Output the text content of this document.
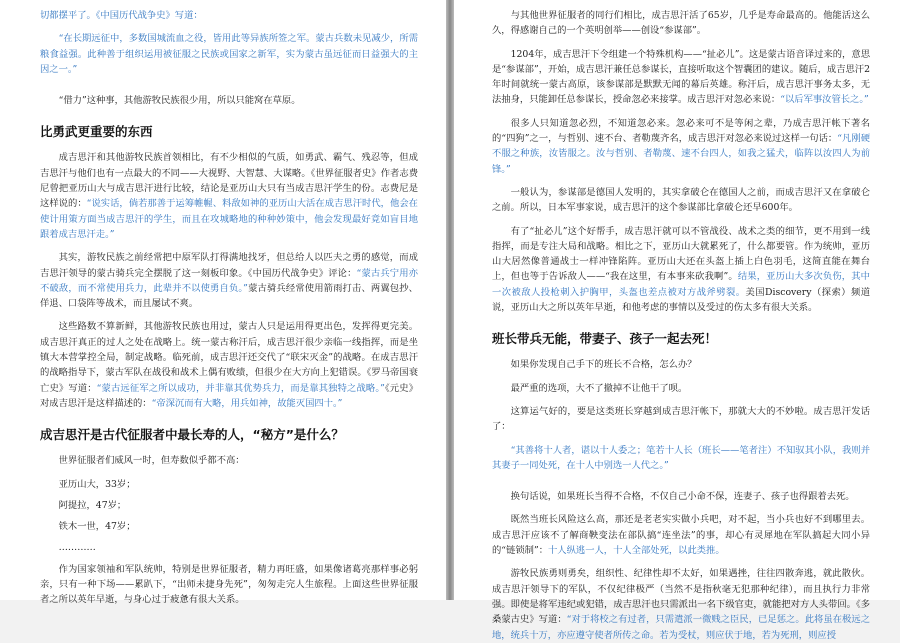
切都摆平了。《中国历代战争史》写道：

“在长期远征中，多数国城流血之役，皆用此等异族所签之军。蒙古兵数未见减少，所需粮食益强。此种善于组织运用被征服之民族或国家之新军，实为蒙古虽远征而日益强大的主因之一。”

“借力”这种事，其他游牧民族很少用，所以只能窝在草原。

比勇武更重要的东西

成吉思汗和其他游牧民族首领相比，有不少相似的气质，如勇武、霸气、残忍等，但成吉思汗与他们也有一点最大的不同——大视野、大智慧、大谋略。《世界征服者史》作者志费尼曾把亚历山大与成吉思汗进行比较，结论是亚历山大只有当成吉思汗学生的份。志费尼是这样说的：“说实话，倘若那善于运筹帷幄、料敌如神的亚历山大活在成吉思汗时代，他会在使计用策方面当成吉思汗的学生，而且在攻城略地的种种妙策中，他会发现最好竟如盲目地跟着成吉思汗走。”

其实，游牧民族之前经常把中原军队打得满地找牙，但总给人以匹夫之勇的感觉，而成吉思汗领导的蒙古骑兵完全摆脱了这一刻板印象。《中国历代战争史》评论：“蒙古兵宁用亦不破敌，而不常使用兵力，此辈并不以使勇自负。”蒙古骑兵经常使用箭雨打击、两翼包抄、佯退、口袋阵等战术，而且屡试不爽。

这些路数不算新鲜，其他游牧民族也用过，蒙古人只是运用得更出色，发挥得更完美。成吉思汗真正的过人之处在战略上。统一蒙古称汗后，成吉思汗很少亲临一线指挥，而是坐镇大本营掌控全局，制定战略。临死前，成吉思汗还交代了“联宋灭金”的战略。在成吉思汗的战略指导下，蒙古军队在战役和战术上偶有败绩，但很少在大方向上犯错误。《罗马帝国衰亡史》写道：“蒙古远征军之所以成功，并非靠其优势兵力，而是靠其独特之战略。”《元史》对成吉思汗是这样描述的：“帝深沉而有大略，用兵如神，故能灭国四十。”

成吉思汗是古代征服者中最长寿的人，“秘方”是什么？

世界征服者们威风一时，但寿数似乎都不高：

亚历山大，33岁；

阿提拉，47岁；

铁木一世，47岁；

…………

作为国家领袖和军队统帅，特别是世界征服者，精力再旺盛，如果像诸葛亮那样事必躬亲，只有一种下场——累趴下，“出师未捷身先死”，匆匆走完人生旅程。上面这些世界征服者之所以英年早逝，与身心过于疲惫有很大关系。

与其他世界征服者的同行们相比，成吉思汗活了65岁，几乎是寿命最高的。他能活这么久，得感谢自己的一个英明创举——创设“参谋部”。

1204年，成吉思汗下令组建一个特殊机构——“扯必儿”。这是蒙古语音译过来的，意思是“参谋部”，开始，成吉思汗兼任总参谋长，直接听取这个智囊团的建议。随后，成吉思汗2年时间就统一蒙古高原，该参谋部是默默无闻的幕后英雄。称汗后，成吉思汗事务太多，无法抽身，只能卸任总参谋长，授命忽必来接掌。成吉思汗对忽必来说：“以后军事汝管长之。”

很多人只知道忽必烈，不知道忽必来。忽必来可不是等闲之辈，乃成吉思汗帐下著名的“四狗”之一，与哲别、速不台、者勒蔑齐名，成吉思汗对忽必来说过这样一句话：“凡刚硬不服之种族，汝皆服之。汝与哲别、者勒蔑、速不台四人，如我之猛犬，临阵以汝四人为前锋。”

一般认为，参谋部是德国人发明的，其实拿破仑在德国人之前，而成吉思汗又在拿破仑之前。所以，日本军事家说，成吉思汗的这个参谋部比拿破仑还早600年。

有了“扯必儿”这个好帮手，成吉思汗就可以不管战役、战术之类的细节，更不用到一线指挥，而是专注大局和战略。相比之下，亚历山大就累死了，什么都要管。作为统帅，亚历山大居然像普通战士一样冲锋陷阵。亚历山大还在头盔上插上白色羽毛，这简直能在舞台上，但也等于告诉敌人——“我在这里，有本事来砍我啊”。结果，亚历山大多次负伤，其中一次被敌人投枪刺入护胸甲，头盔也差点被对方战斧劈裂。美国Discovery（探索）频道说，亚历山大之所以英年早逝，和他考虑的事情以及受过的伤太多有很大关系。

班长带兵无能，带妻子、孩子一起去死！

如果你发现自己手下的班长不合格，怎么办？

最严重的选项，大不了撤掉不让他干了呗。

这算运气好的，要是这类班长穿越到成吉思汗帐下，那就大大的不妙啦。成吉思汗发话了：

“其善将十人者，谌以十人委之；笔若十人长（班长——笔者注）不知驭其小队，我则并其妻子一同处死，在十人中别选一人代之。”

换句话说，如果班长当得不合格，不仅自己小命不保，连妻子、孩子也得跟着去死。

既然当班长风险这么高，那还是老老实实做小兵吧，对不起，当小兵也好不到哪里去。成吉思汗应该不了解商鞅变法在部队搞“连坐法”的事，却心有灵犀地在军队搞起大同小异的“链锁制”：十人纵逃一人，十人全部处死，以此类推。

游牧民族勇则勇矣，组织性、纪律性却不太好，如果遇挫，往往四散奔逃，就此散伙。成吉思汗领导下的军队，不仅纪律极严（当然不是指秋毫无犯那种纪律），而且执行力非常强。即使是将军违纪或犯错，成吉思汗也只需派出一名下级官吏，就能把对方人头带回。《多桑蒙古史》写道：“对于将校之有过者，只需遣派一微贱之臣民，已足惩之。此将虽在极远之地，统兵十万，亦应遵守使者所传之命。若为受杖，则应伏于地，若为死刑，则应授
